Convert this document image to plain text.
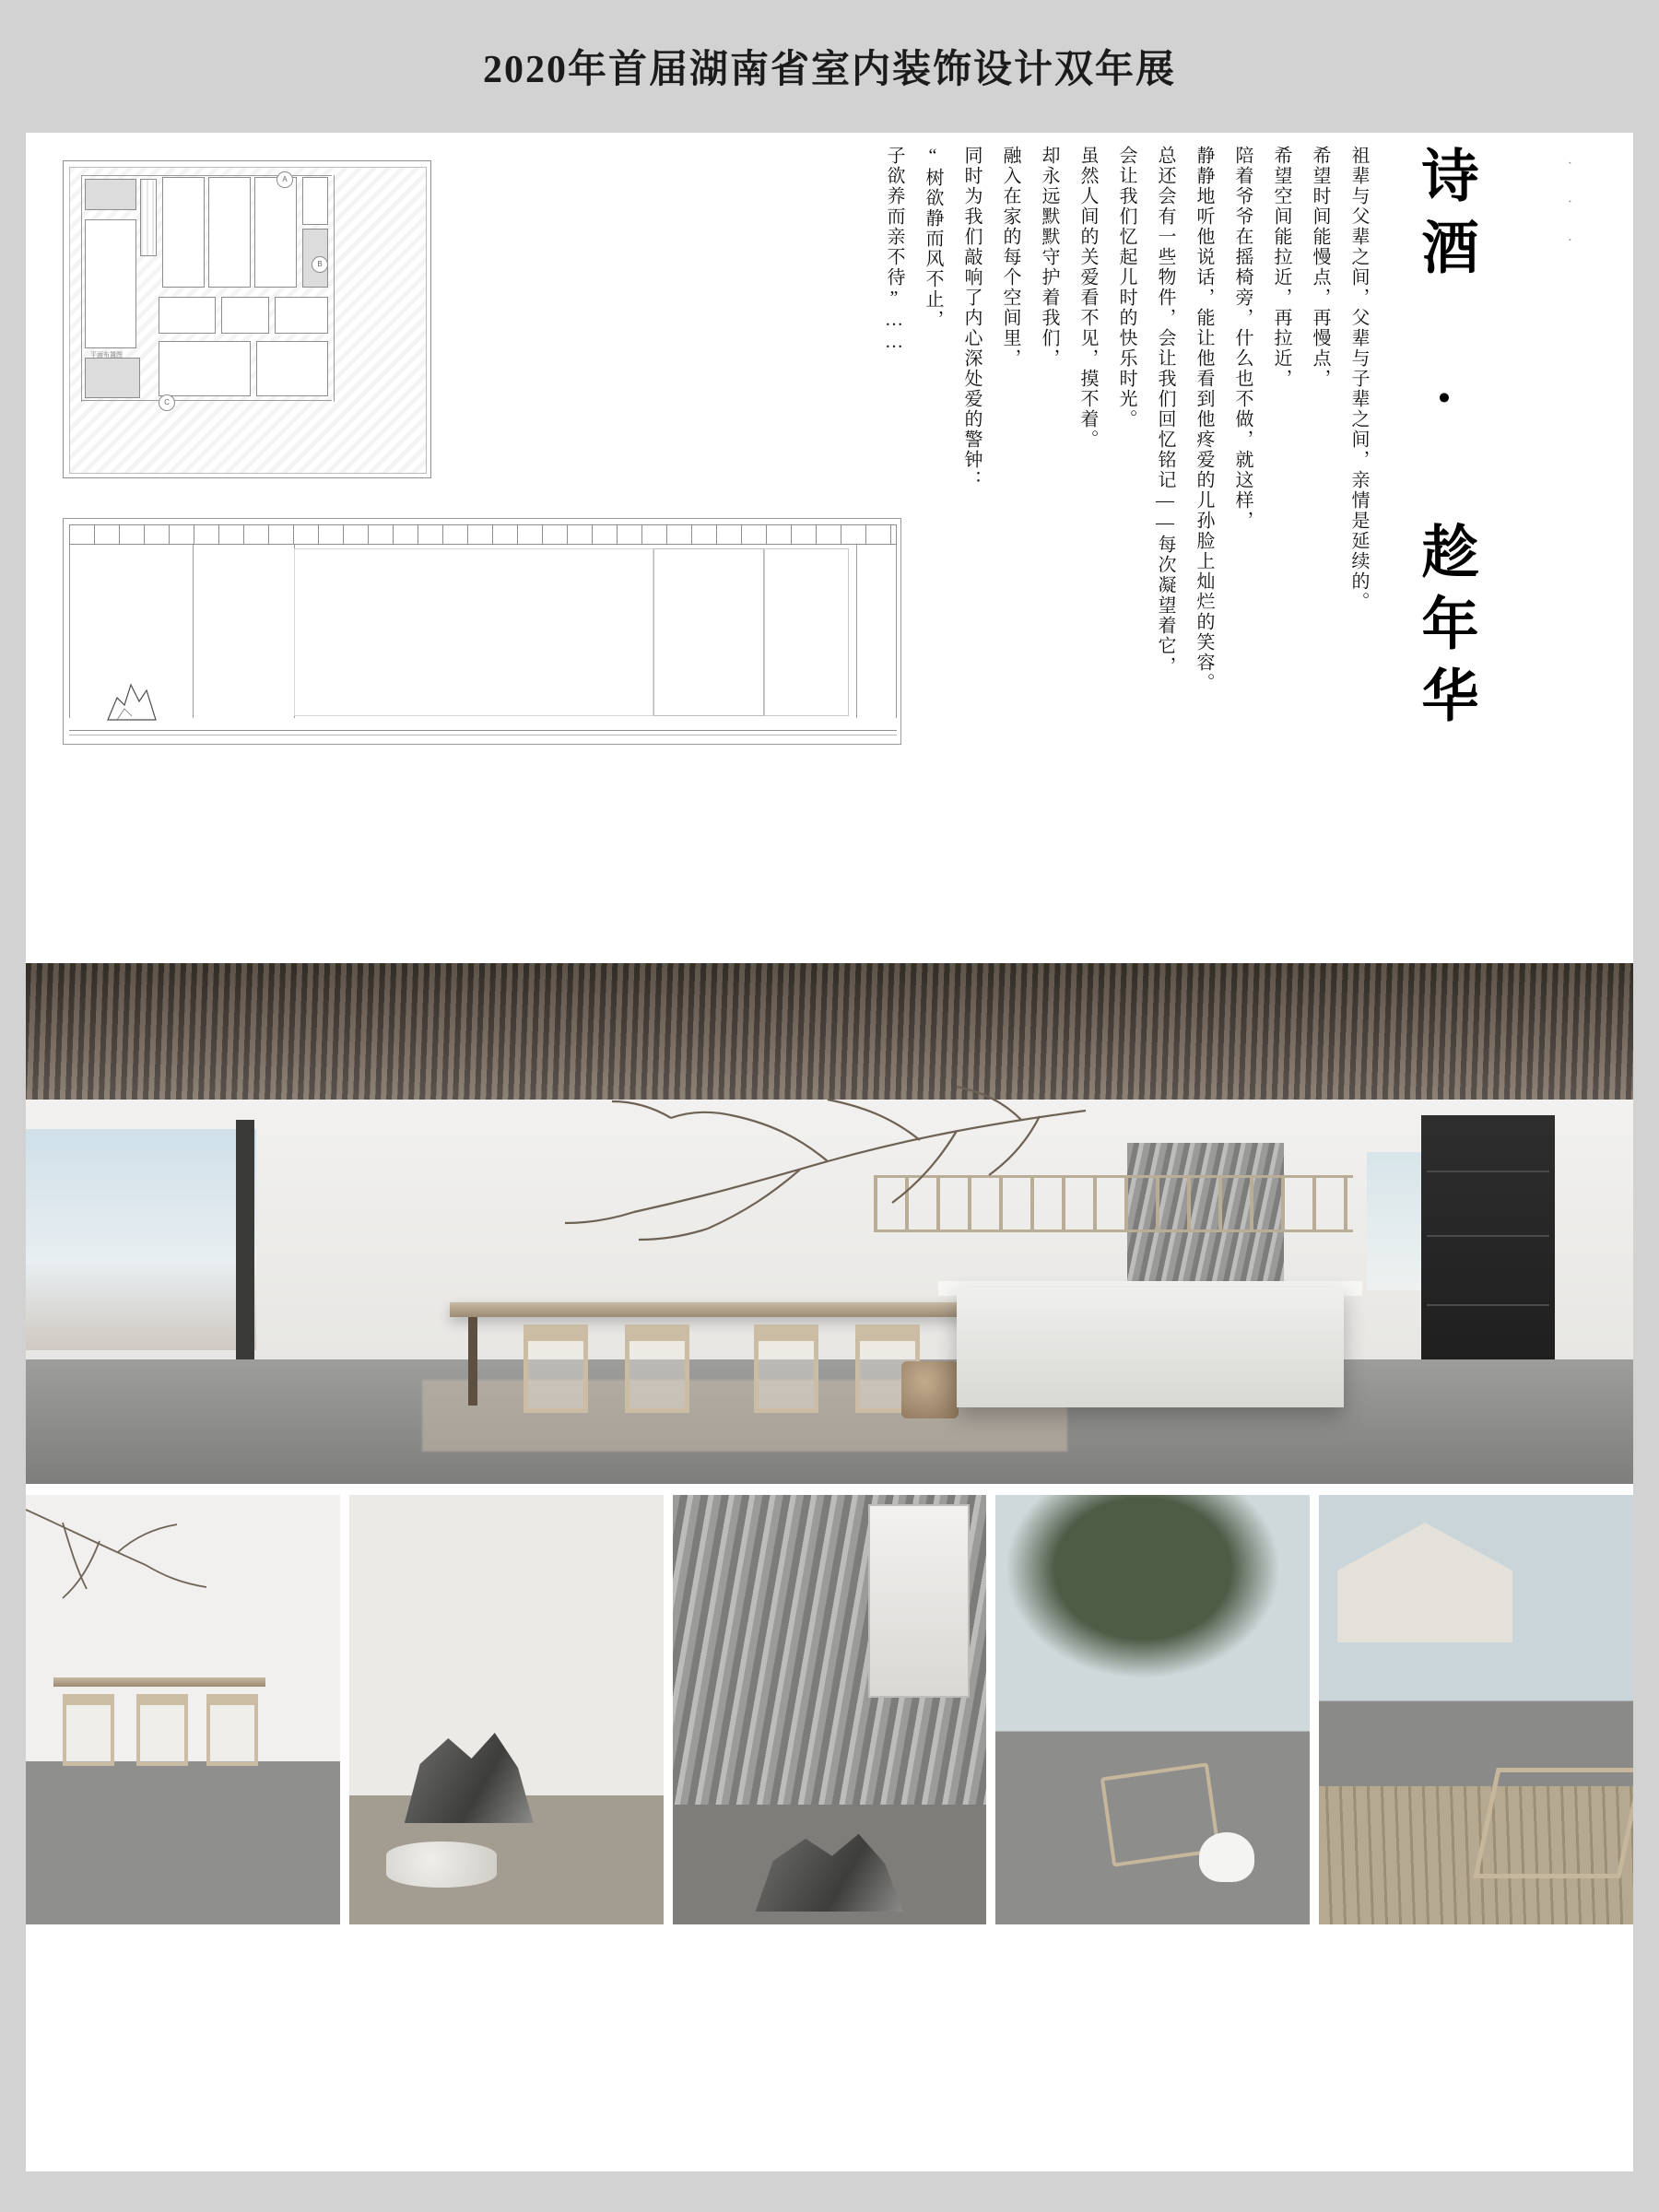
2020年首届湖南省室内装饰设计双年展
A
B
C
平面布置图	诗酒 · 趁年华
祖辈与父辈之间，父辈与子辈之间，亲情是延续的。
希望时间能慢点，再慢点，
希望空间能拉近，再拉近，
陪着爷爷在摇椅旁，什么也不做，就这样，
静静地听他说话，能让他看到他疼爱的儿孙脸上灿烂的笑容。
总还会有一些物件，会让我们回忆铭记——每次凝望着它，
会让我们忆起儿时的快乐时光。
虽然人间的关爱看不见，摸不着。
却永远默默守护着我们，
融入在家的每个空间里，
同时为我们敲响了内心深处爱的警钟：
“树欲静而风不止，
子欲养而亲不待”……	· · ·
